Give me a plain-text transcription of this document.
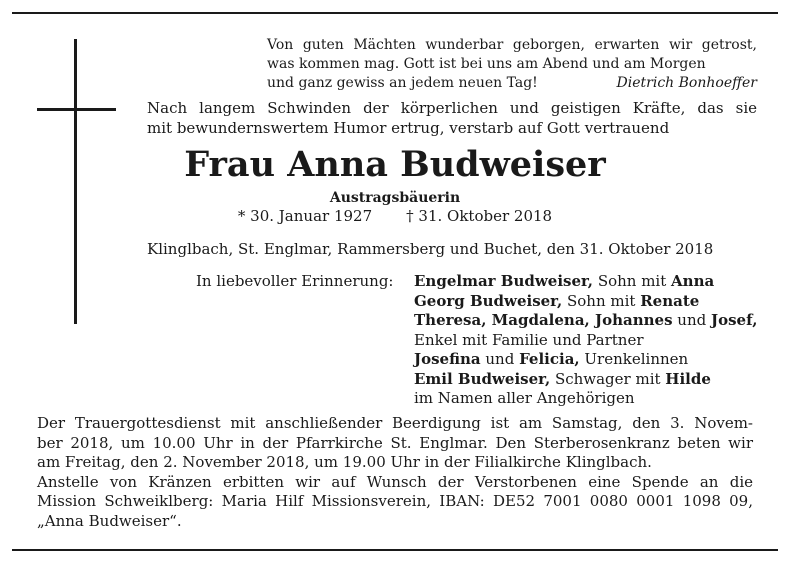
Von guten Mächten wunderbar geborgen, erwarten wir getrost,
was kommen mag. Gott ist bei uns am Abend und am Morgen
und ganz gewiss an jedem neuen Tag!	Dietrich Bonhoeffer
Nach langem Schwinden der körperlichen und geistigen Kräfte, das sie
mit bewundernswertem Humor ertrug, verstarb auf Gott vertrauend
Frau Anna Budweiser
Austragsbäuerin
* 30. Januar 1927 † 31. Oktober 2018
Klinglbach, St. Englmar, Rammersberg und Buchet, den 31. Oktober 2018
In liebevoller Erinnerung: Engelmar Budweiser, Sohn mit Anna
Georg Budweiser, Sohn mit Renate
Theresa, Magdalena, Johannes und Josef,
Enkel mit Familie und Partner
Josefina und Felicia, Urenkelinnen
Emil Budweiser, Schwager mit Hilde
im Namen aller Angehörigen
Der Trauergottesdienst mit anschließender Beerdigung ist am Samstag, den 3. Novem-
ber 2018, um 10.00 Uhr in der Pfarrkirche St. Englmar. Den Sterberosenkranz beten wir
am Freitag, den 2. November 2018, um 19.00 Uhr in der Filialkirche Klinglbach.
Anstelle von Kränzen erbitten wir auf Wunsch der Verstorbenen eine Spende an die
Mission Schweiklberg: Maria Hilf Missionsverein, IBAN: DE52 7001 0080 0001 1098 09,
„Anna Budweiser“.
